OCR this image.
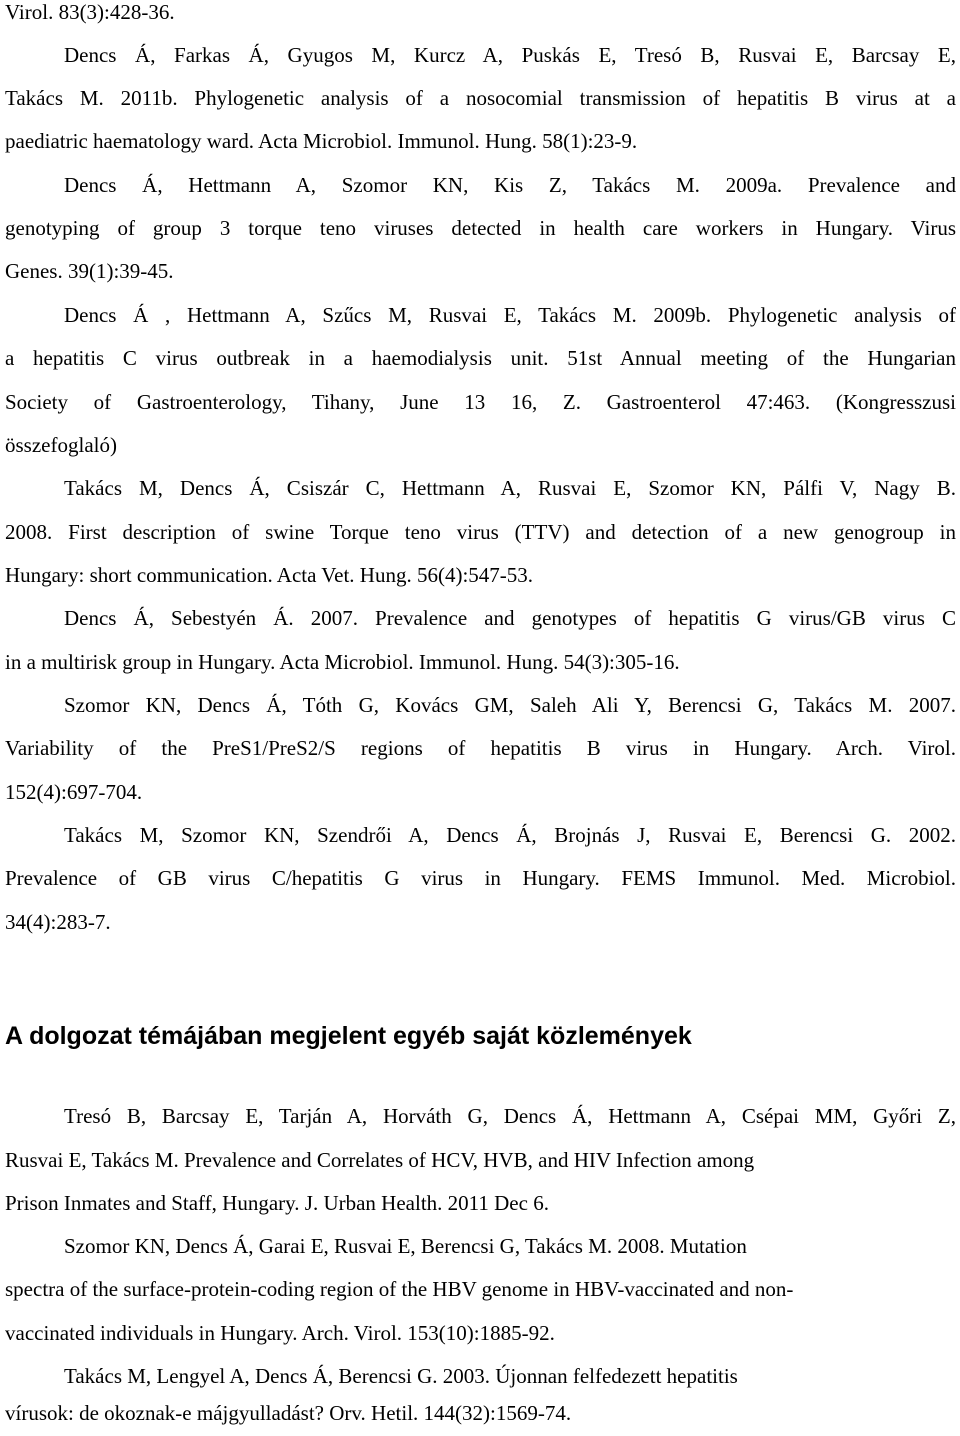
Virol. 83(3):428-36.
Dencs Á, Farkas Á, Gyugos M, Kurcz A, Puskás E, Tresó B, Rusvai E, Barcsay E,
Takács M. 2011b. Phylogenetic analysis of a nosocomial transmission of hepatitis B virus at a
paediatric haematology ward. Acta Microbiol. Immunol. Hung. 58(1):23-9.
Dencs Á, Hettmann A, Szomor KN, Kis Z, Takács M. 2009a. Prevalence and
genotyping of group 3 torque teno viruses detected in health care workers in Hungary. Virus
Genes. 39(1):39-45.
Dencs Á , Hettmann A, Szűcs M, Rusvai E, Takács M. 2009b. Phylogenetic analysis of
a hepatitis C virus outbreak in a haemodialysis unit. 51st Annual meeting of the Hungarian
Society of Gastroenterology, Tihany, June 13 16, Z. Gastroenterol 47:463. (Kongresszusi
összefoglaló)
Takács M, Dencs Á, Csiszár C, Hettmann A, Rusvai E, Szomor KN, Pálfi V, Nagy B.
2008. First description of swine Torque teno virus (TTV) and detection of a new genogroup in
Hungary: short communication. Acta Vet. Hung. 56(4):547-53.
Dencs Á, Sebestyén Á. 2007. Prevalence and genotypes of hepatitis G virus/GB virus C
in a multirisk group in Hungary. Acta Microbiol. Immunol. Hung. 54(3):305-16.
Szomor KN, Dencs Á, Tóth G, Kovács GM, Saleh Ali Y, Berencsi G, Takács M. 2007.
Variability of the PreS1/PreS2/S regions of hepatitis B virus in Hungary. Arch. Virol.
152(4):697-704.
Takács M, Szomor KN, Szendrői A, Dencs Á, Brojnás J, Rusvai E, Berencsi G. 2002.
Prevalence of GB virus C/hepatitis G virus in Hungary. FEMS Immunol. Med. Microbiol.
34(4):283-7.
A dolgozat témájában megjelent egyéb saját közlemények
Tresó B, Barcsay E, Tarján A, Horváth G, Dencs Á, Hettmann A, Csépai MM, Győri Z,
Rusvai E, Takács M. Prevalence and Correlates of HCV, HVB, and HIV Infection among
Prison Inmates and Staff, Hungary. J. Urban Health. 2011 Dec 6.
Szomor KN, Dencs Á, Garai E, Rusvai E, Berencsi G, Takács M. 2008. Mutation
spectra of the surface-protein-coding region of the HBV genome in HBV-vaccinated and non-
vaccinated individuals in Hungary. Arch. Virol. 153(10):1885-92.
Takács M, Lengyel A, Dencs Á, Berencsi G. 2003. Újonnan felfedezett hepatitis
vírusok: de okoznak-e májgyulladást? Orv. Hetil. 144(32):1569-74.
